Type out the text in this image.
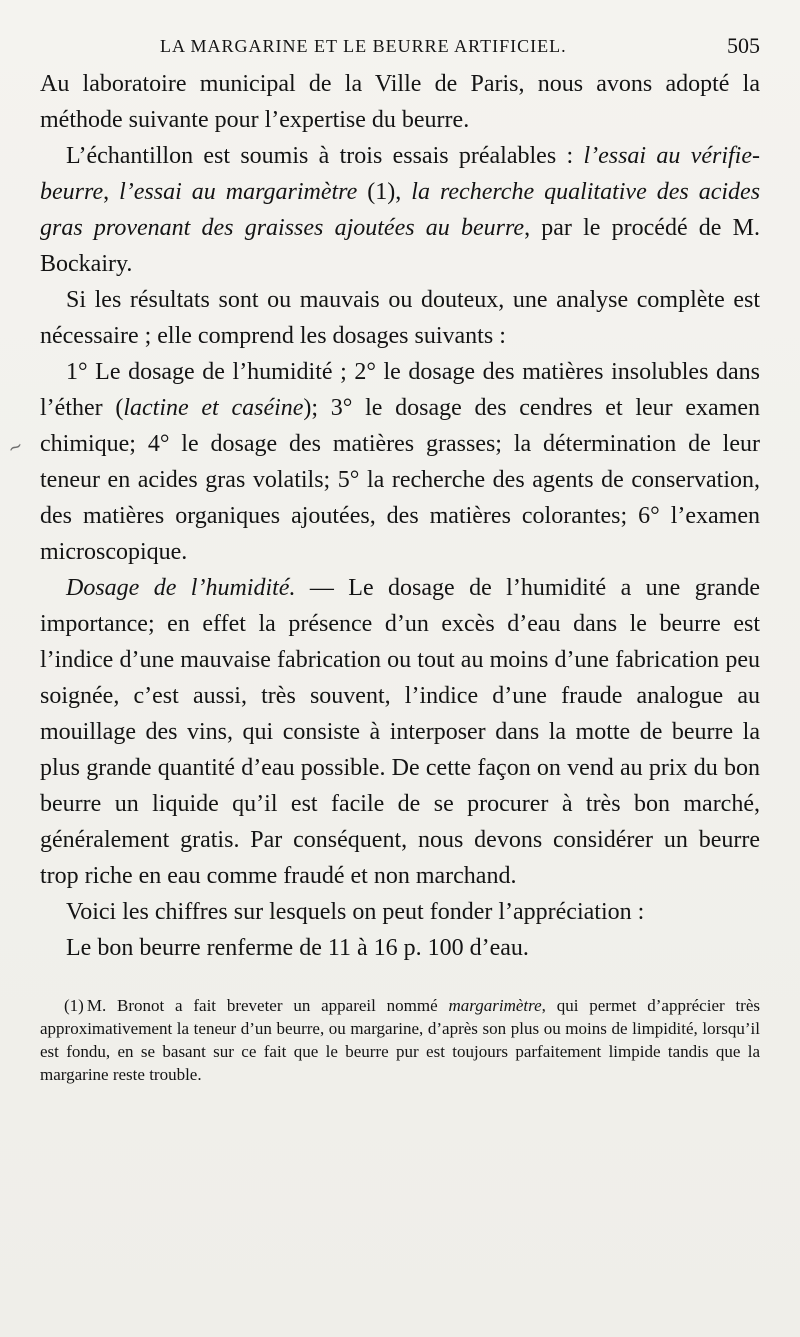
LA MARGARINE ET LE BEURRE ARTIFICIEL.	505
~

Au laboratoire municipal de la Ville de Paris, nous avons adopté la méthode suivante pour l’expertise du beurre.

L’échantillon est soumis à trois essais préalables : l’essai au vérifie-beurre, l’essai au margarimètre (1), la recherche qualitative des acides gras provenant des graisses ajoutées au beurre, par le procédé de M. Bockairy.

Si les résultats sont ou mauvais ou douteux, une analyse complète est nécessaire ; elle comprend les dosages suivants :

1° Le dosage de l’humidité ; 2° le dosage des matières insolubles dans l’éther (lactine et caséine); 3° le dosage des cendres et leur examen chimique; 4° le dosage des matières grasses; la détermination de leur teneur en acides gras volatils; 5° la recherche des agents de conservation, des matières organiques ajoutées, des matières colorantes; 6° l’examen microscopique.

Dosage de l’humidité. — Le dosage de l’humidité a une grande importance; en effet la présence d’un excès d’eau dans le beurre est l’indice d’une mauvaise fabrication ou tout au moins d’une fabrication peu soignée, c’est aussi, très souvent, l’indice d’une fraude analogue au mouillage des vins, qui consiste à interposer dans la motte de beurre la plus grande quantité d’eau possible. De cette façon on vend au prix du bon beurre un liquide qu’il est facile de se procurer à très bon marché, généralement gratis. Par conséquent, nous devons considérer un beurre trop riche en eau comme fraudé et non marchand.

Voici les chiffres sur lesquels on peut fonder l’appréciation :

Le bon beurre renferme de 11 à 16 p. 100 d’eau.

(1) M. Bronot a fait breveter un appareil nommé margarimètre, qui permet d’apprécier très approximativement la teneur d’un beurre, ou margarine, d’après son plus ou moins de limpidité, lorsqu’il est fondu, en se basant sur ce fait que le beurre pur est toujours parfaitement limpide tandis que la margarine reste trouble.
